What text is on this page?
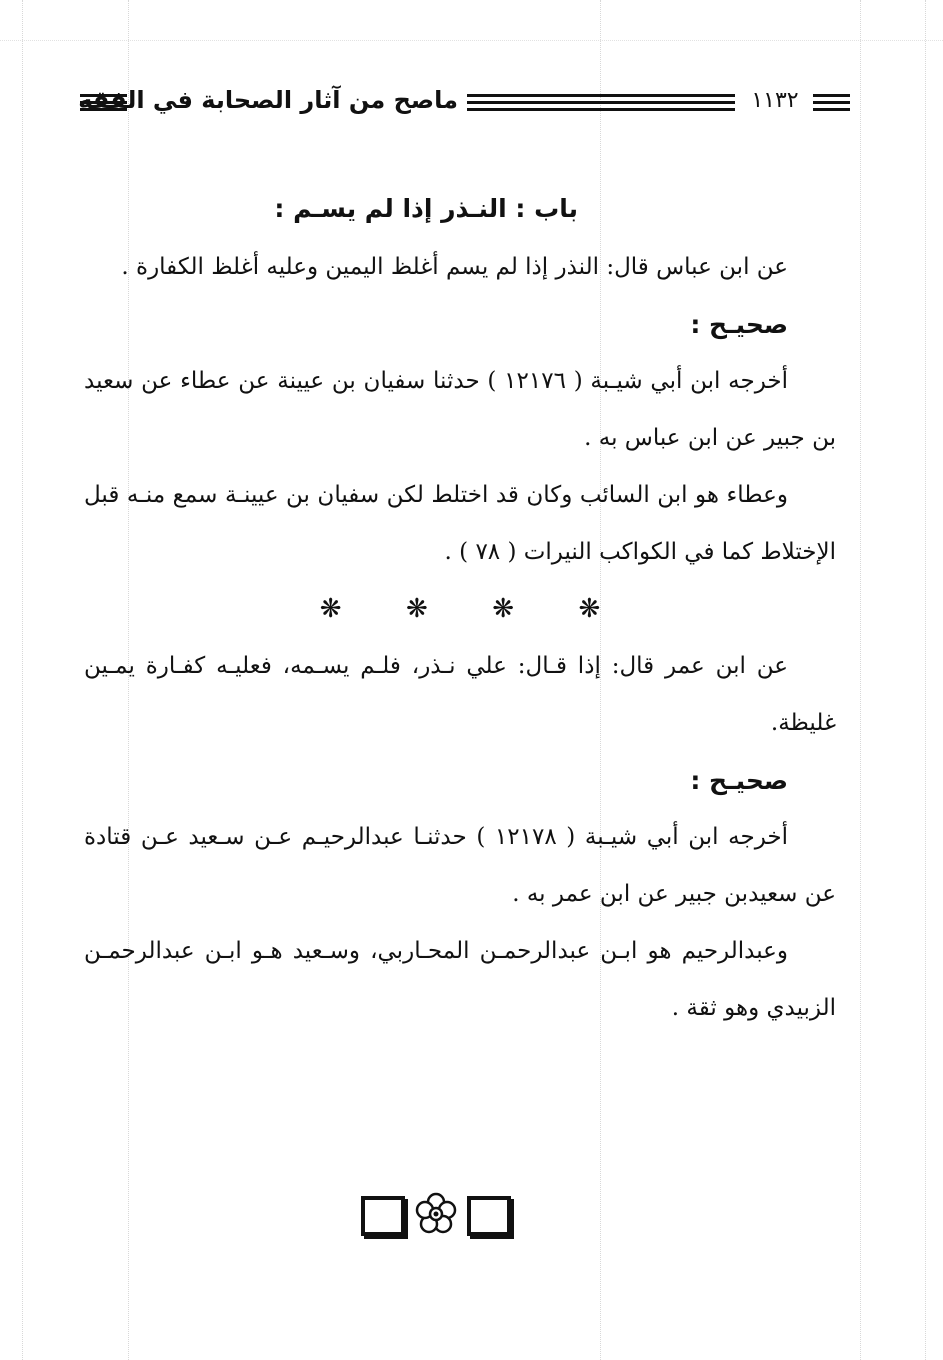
ماصح من آثار الصحابة في الفقه	١١٣٢

باب : النـذر إذا لم يسـم :

عن ابن عباس قال: النذر إذا لم يسم أغلظ اليمين وعليه أغلظ الكفارة .

صحيـح :

أخرجه ابن أبي شيـبة ( ١٢١٧٦ ) حدثنا سفيان بن عيينة عن عطاء عن سعيد بن جبير عن ابن عباس به .

وعطاء هو ابن السائب وكان قد اختلط لكن سفيان بن عيينـة سمع منـه قبل الإختلاط كما في الكواكب النيرات ( ٧٨ ) .

❋ ❋ ❋ ❋

عن ابن عمر قال: إذا قـال: علي نـذر، فلـم يسـمه، فعليـه كفـارة يمـين غليظة.

صحيـح :

أخرجه ابن أبي شيـبة ( ١٢١٧٨ ) حدثنـا عبدالرحيـم عـن سـعيد عـن قتادة عن سعيدبن جبير عن ابن عمر به .

وعبدالرحيم هو ابـن عبدالرحمـن المحـاربي، وسـعيد هـو ابـن عبدالرحمـن الزبيدي وهو ثقة .
